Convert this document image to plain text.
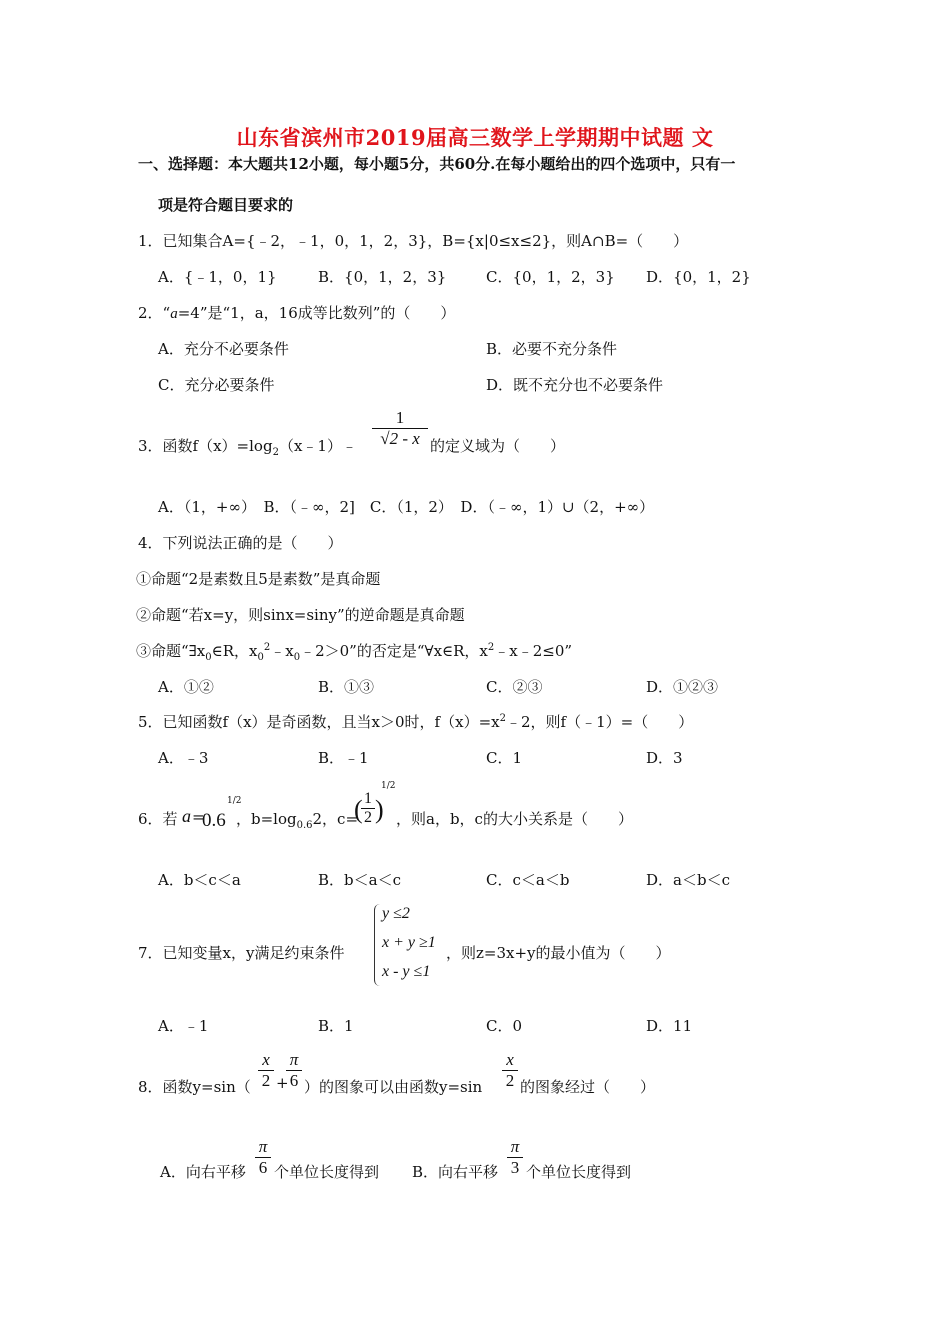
山东省滨州市2019届高三数学上学期期中试题 文
一、选择题：本大题共12小题，每小题5分，共60分.在每小题给出的四个选项中，只有一
项是符合题目要求的
1．已知集合A={﹣2，﹣1，0，1，2，3}，B={x|0≤x≤2}，则A∩B=（　　）
A．{﹣1，0，1}	B．{0，1，2，3}	C．{0，1，2，3} D．{0，1，2}
2．“a=4”是“1，a，16成等比数列”的（　　）
A．充分不必要条件	B．必要不充分条件
C．充分必要条件	D．既不充分也不必要条件
3．函数$f(x)=\log_2(x﹣1)﹣ \frac{1}{√2 - x}$ 的定义域为（　　）
A．（1，+∞）　B．（﹣∞，2]　C．（1，2）　D．（﹣∞，1）∪（2，+∞）
4．下列说法正确的是（　　）
①命题“2是素数且5是素数”是真命题
②命题“若x=y，则sinx=siny”的逆命题是真命题
③命题“$\exists x_0\in R$，$x_0^2﹣x_0﹣2>0$”的否定是“∀x∈R，$x^2﹣x﹣2\le 0$”
A．①②	B．①③	C．②③	D．①②③
5．已知函数f（x）是奇函数，且当x＞0时，$f(x)=x^2﹣2$，则f（﹣1）=（　　）
A．﹣3	B．﹣1	C．1	D．3
6．若 a =
0.6
1/2
，$b=\log_{0.6}2$，c=
(
$\frac{1}{2}$ )
1/2
，则a，b，c的大小关系是（　　）
A．b＜c＜a	B．b＜a＜c	C．c＜a＜b	D．a＜b＜c
7．已知变量x，y满足约束条件
y ≤2
x + y ≥1
x - y ≤1
，则z=3x+y的最小值为（　　）
A．﹣1	B．1	C．0	D．11
8．函数$y=\sin( \frac{x}{2}$ +
$\frac{\pi}{6}$ ）的图象可以由函数$y=\sin \frac{x}{2}$ 的图象经过（　　）
A．向右平移 $\frac{\pi}{6}$ 个单位长度得到 B．向右平移 $\frac{\pi}{3}$ 个单位长度得到
